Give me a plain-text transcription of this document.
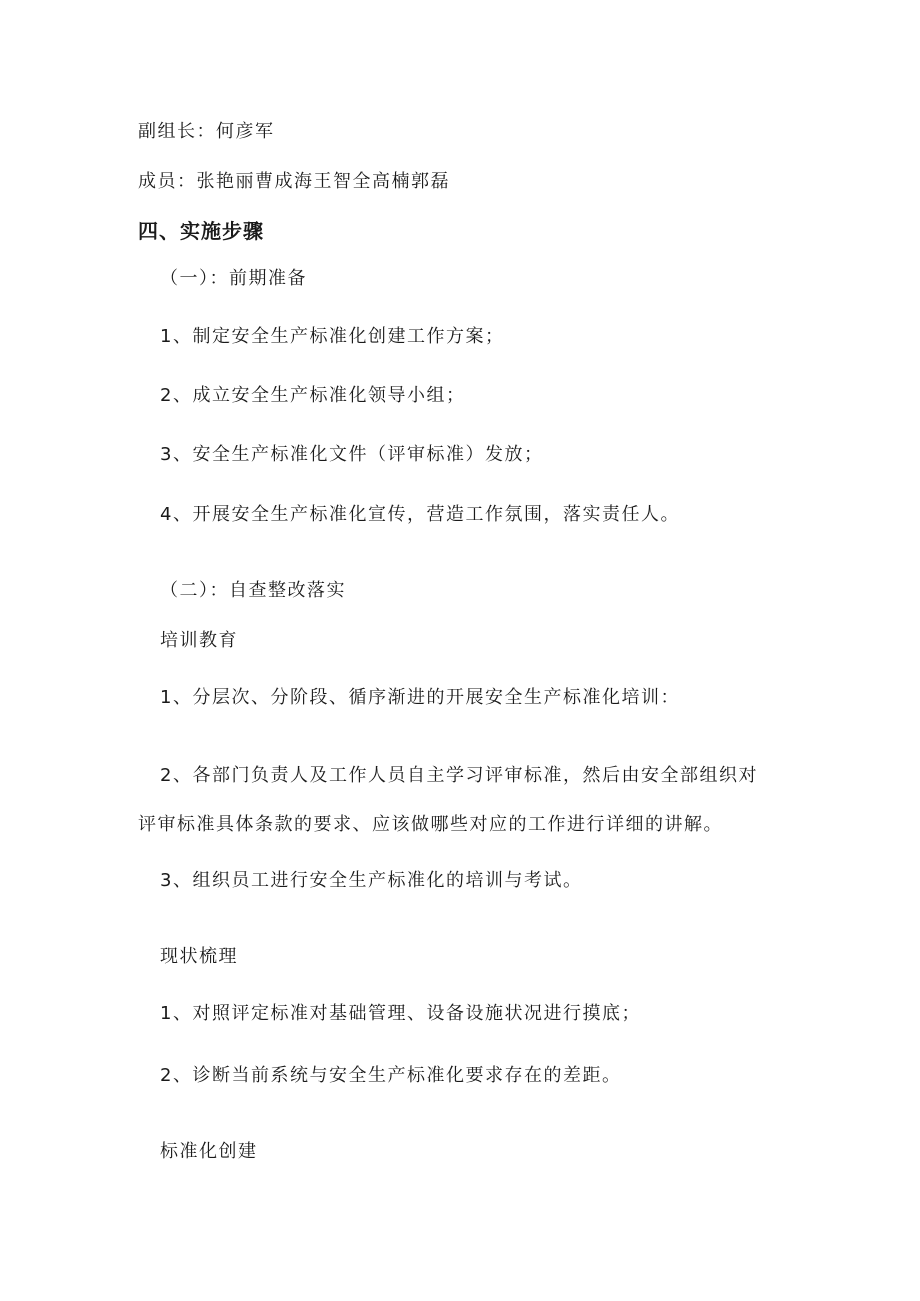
副组长：何彦军
成员：张艳丽曹成海王智全高楠郭磊
四、实施步骤
（一）：前期准备
1、制定安全生产标准化创建工作方案；
2、成立安全生产标准化领导小组；
3、安全生产标准化文件（评审标准）发放；
4、开展安全生产标准化宣传，营造工作氛围，落实责任人。
（二）：自查整改落实
培训教育
1、分层次、分阶段、循序渐进的开展安全生产标准化培训：
2、各部门负责人及工作人员自主学习评审标准，然后由安全部组织对
评审标准具体条款的要求、应该做哪些对应的工作进行详细的讲解。
3、组织员工进行安全生产标准化的培训与考试。
现状梳理
1、对照评定标准对基础管理、设备设施状况进行摸底；
2、诊断当前系统与安全生产标准化要求存在的差距。
标准化创建
